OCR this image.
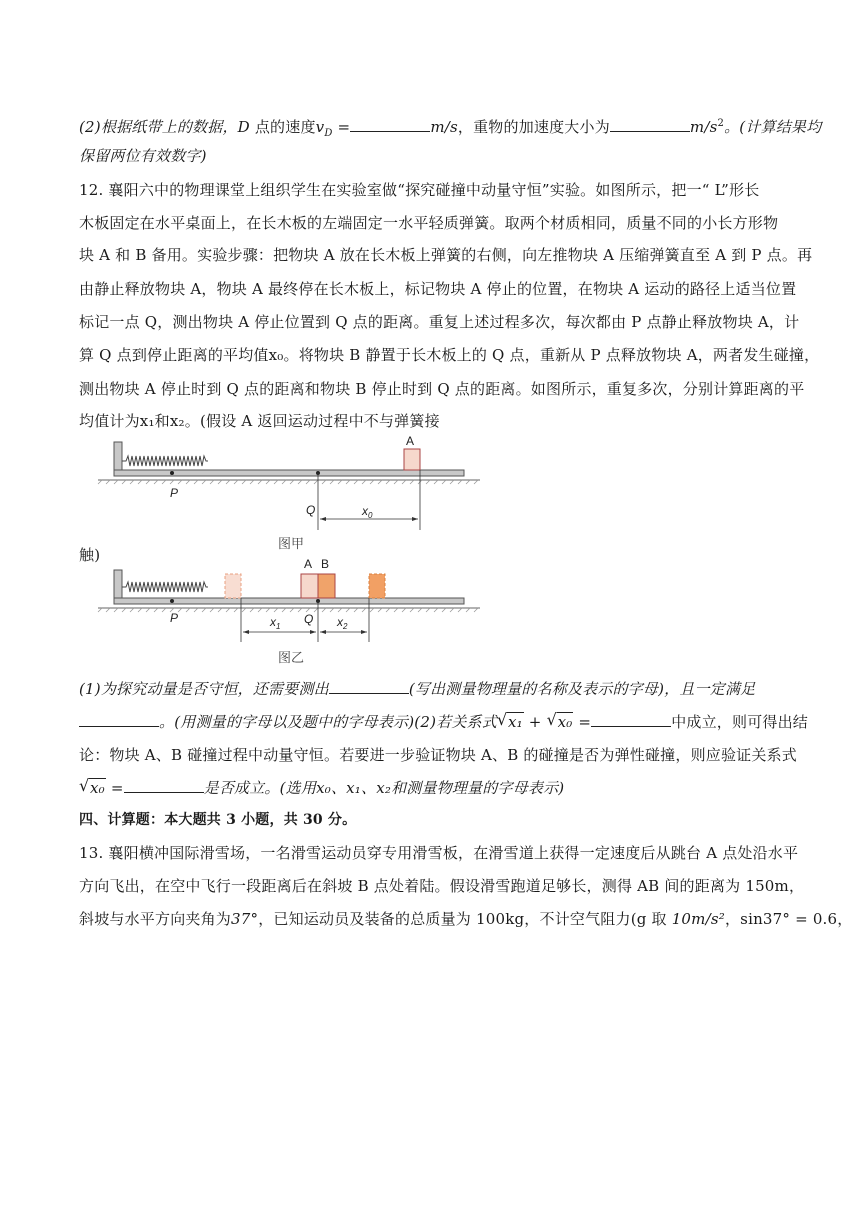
(2)根据纸带上的数据，D 点的速度$v_D$ =	m/s，重物的加速度大小为	$m/s^2$。(计算结果均
保留两位有效数字)
12. 襄阳六中的物理课堂上组织学生在实验室做“探究碰撞中动量守恒”实验。如图所示，把一“ L”形长
木板固定在水平桌面上，在长木板的左端固定一水平轻质弹簧。取两个材质相同，质量不同的小长方形物
块 A 和 B 备用。实验步骤：把物块 A 放在长木板上弹簧的右侧，向左推物块 A 压缩弹簧直至 A 到 P 点。再
由静止释放物块 A，物块 A 最终停在长木板上，标记物块 A 停止的位置，在物块 A 运动的路径上适当位置
标记一点 Q，测出物块 A 停止位置到 Q 点的距离。重复上述过程多次，每次都由 P 点静止释放物块 A，计
算 Q 点到停止距离的平均值x₀。将物块 B 静置于长木板上的 Q 点，重新从 P 点释放物块 A，两者发生碰撞，
测出物块 A 停止时到 Q 点的距离和物块 B 停止时到 Q 点的距离。如图所示，重复多次，分别计算距离的平
均值计为x₁和x₂。(假设 A 返回运动过程中不与弹簧接
A
P
Q	$x_0$
图甲
触)	A B
P	Q
$x_1$	$x_2$
图乙
(1)为探究动量是否守恒，还需要测出	(写出测量物理量的名称及表示的字母)，且一定满足
。(用测量的字母以及题中的字母表示)(2)若关系式√ x₁ + √ x₀ =	中成立，则可得出结
论：物块 A、B 碰撞过程中动量守恒。若要进一步验证物块 A、B 的碰撞是否为弹性碰撞，则应验证关系式
√ x₀ =	是否成立。(选用x₀、x₁、x₂和测量物理量的字母表示)
四、计算题：本大题共 3 小题，共 30 分。
13. 襄阳横冲国际滑雪场，一名滑雪运动员穿专用滑雪板，在滑雪道上获得一定速度后从跳台 A 点处沿水平
方向飞出，在空中飞行一段距离后在斜坡 B 点处着陆。假设滑雪跑道足够长，测得 AB 间的距离为 150m，
斜坡与水平方向夹角为37°，已知运动员及装备的总质量为 100kg，不计空气阻力(g 取 10m/s²，sin37° = 0.6，
